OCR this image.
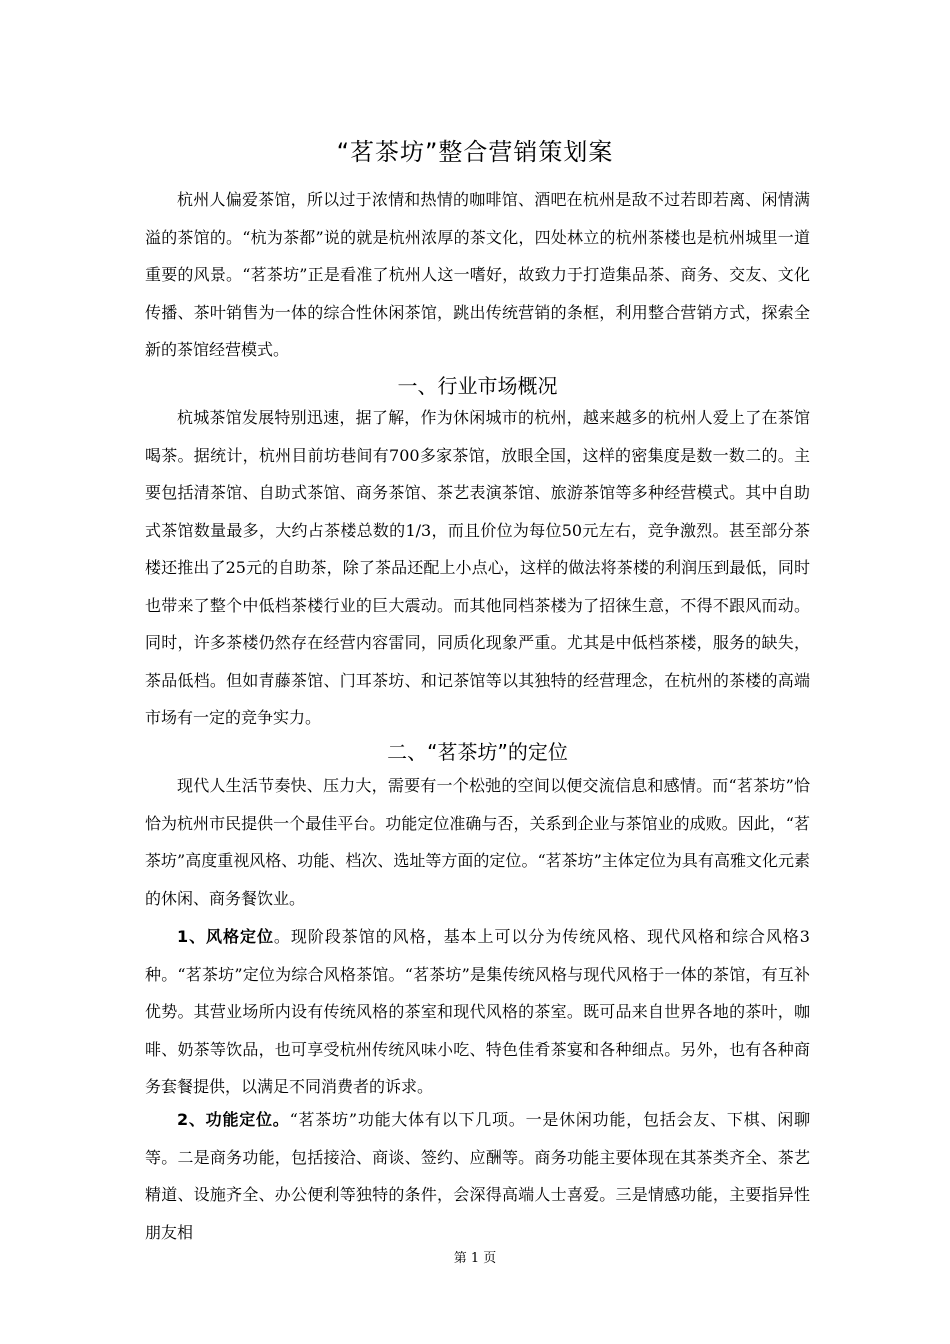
“茗茶坊”整合营销策划案

杭州人偏爱茶馆，所以过于浓情和热情的咖啡馆、酒吧在杭州是敌不过若即若离、闲情满溢的茶馆的。“杭为茶都”说的就是杭州浓厚的茶文化，四处林立的杭州茶楼也是杭州城里一道重要的风景。“茗茶坊”正是看准了杭州人这一嗜好，故致力于打造集品茶、商务、交友、文化传播、茶叶销售为一体的综合性休闲茶馆，跳出传统营销的条框，利用整合营销方式，探索全新的茶馆经营模式。

一、行业市场概况

杭城茶馆发展特别迅速，据了解，作为休闲城市的杭州，越来越多的杭州人爱上了在茶馆喝茶。据统计，杭州目前坊巷间有700多家茶馆，放眼全国，这样的密集度是数一数二的。主要包括清茶馆、自助式茶馆、商务茶馆、茶艺表演茶馆、旅游茶馆等多种经营模式。其中自助式茶馆数量最多，大约占茶楼总数的1/3，而且价位为每位50元左右，竞争激烈。甚至部分茶楼还推出了25元的自助茶，除了茶品还配上小点心，这样的做法将茶楼的利润压到最低，同时也带来了整个中低档茶楼行业的巨大震动。而其他同档茶楼为了招徕生意，不得不跟风而动。同时，许多茶楼仍然存在经营内容雷同，同质化现象严重。尤其是中低档茶楼，服务的缺失，茶品低档。但如青藤茶馆、门耳茶坊、和记茶馆等以其独特的经营理念，在杭州的茶楼的高端市场有一定的竞争实力。

二、“茗茶坊”的定位

现代人生活节奏快、压力大，需要有一个松弛的空间以便交流信息和感情。而“茗茶坊”恰恰为杭州市民提供一个最佳平台。功能定位准确与否，关系到企业与茶馆业的成败。因此，“茗茶坊”高度重视风格、功能、档次、选址等方面的定位。“茗茶坊”主体定位为具有高雅文化元素的休闲、商务餐饮业。

1、风格定位。现阶段茶馆的风格，基本上可以分为传统风格、现代风格和综合风格3种。“茗茶坊”定位为综合风格茶馆。“茗茶坊”是集传统风格与现代风格于一体的茶馆，有互补优势。其营业场所内设有传统风格的茶室和现代风格的茶室。既可品来自世界各地的茶叶，咖啡、奶茶等饮品，也可享受杭州传统风味小吃、特色佳肴茶宴和各种细点。另外，也有各种商务套餐提供，以满足不同消费者的诉求。

2、功能定位。“茗茶坊”功能大体有以下几项。一是休闲功能，包括会友、下棋、闲聊等。二是商务功能，包括接洽、商谈、签约、应酬等。商务功能主要体现在其茶类齐全、茶艺精道、设施齐全、办公便利等独特的条件，会深得高端人士喜爱。三是情感功能，主要指异性朋友相

第 1 页
